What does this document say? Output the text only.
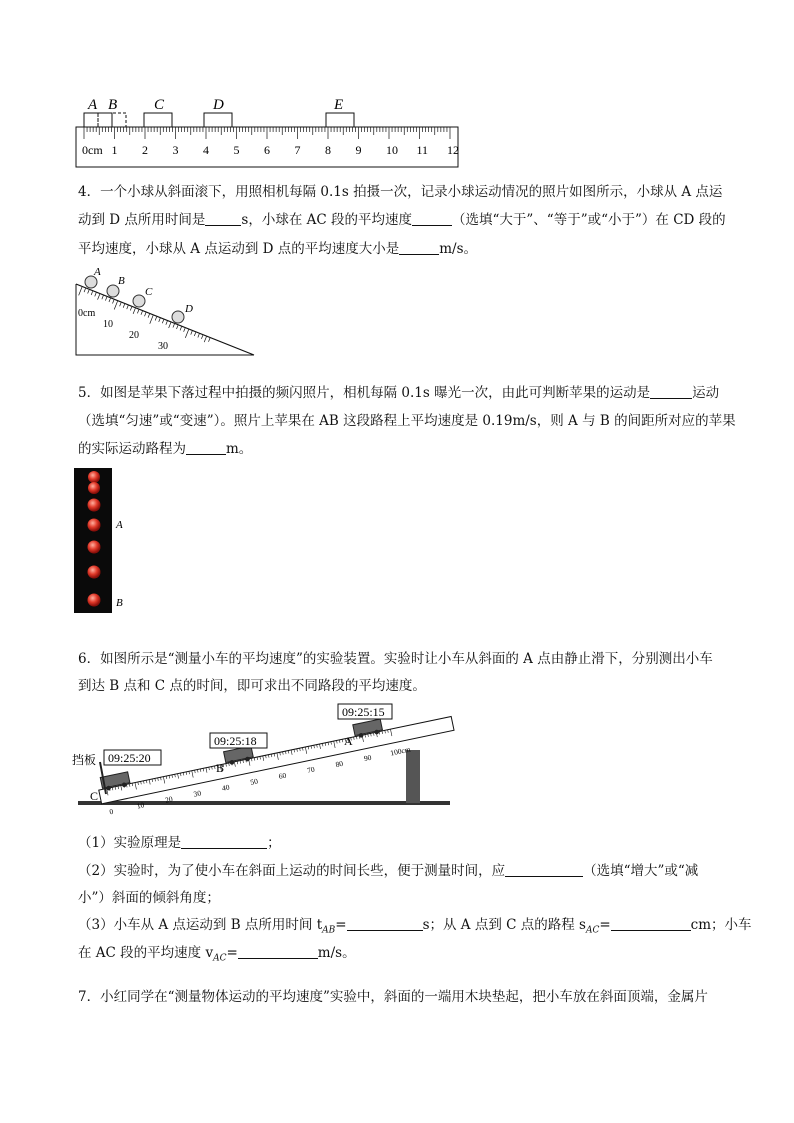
A B C	D	E
0cm 1 2 3 4 5 6 7 8 9 10 11 12
4．一个小球从斜面滚下，用照相机每隔 0.1s 拍摄一次，记录小球运动情况的照片如图所示，小球从 A 点运
动到 D 点所用时间是	s，小球在 AC 段的平均速度	（选填“大于”、“等于”或“小于”）在 CD 段的
平均速度，小球从 A 点运动到 D 点的平均速度大小是	m/s。
A
B
C
D
0cm
10
20
30
5．如图是苹果下落过程中拍摄的频闪照片，相机每隔 0.1s 曝光一次，由此可判断苹果的运动是	运动
（选填“匀速”或“变速”）。照片上苹果在 AB 这段路程上平均速度是 0.19m/s，则 A 与 B 的间距所对应的苹果
的实际运动路程为	m。
A
B
6．如图所示是“测量小车的平均速度”的实验装置。实验时让小车从斜面的 A 点由静止滑下，分别测出小车
到达 B 点和 C 点的时间，即可求出不同路段的平均速度。
0
10
20
30
40
50
60
70
80
90
100cm
挡板
C
B
A
09:25:15
09:25:18
09:25:20
（1）实验原理是	；
（2）实验时，为了使小车在斜面上运动的时间长些，便于测量时间，应	（选填“增大”或“减
小”）斜面的倾斜角度；
（3）小车从 A 点运动到 B 点所用时间 $t_{AB}=$	s；从 A 点到 C 点的路程 $s_{AC}=$	cm；小车
在 AC 段的平均速度 $v_{AC}=$	m/s。
7．小红同学在“测量物体运动的平均速度”实验中，斜面的一端用木块垫起，把小车放在斜面顶端，金属片
